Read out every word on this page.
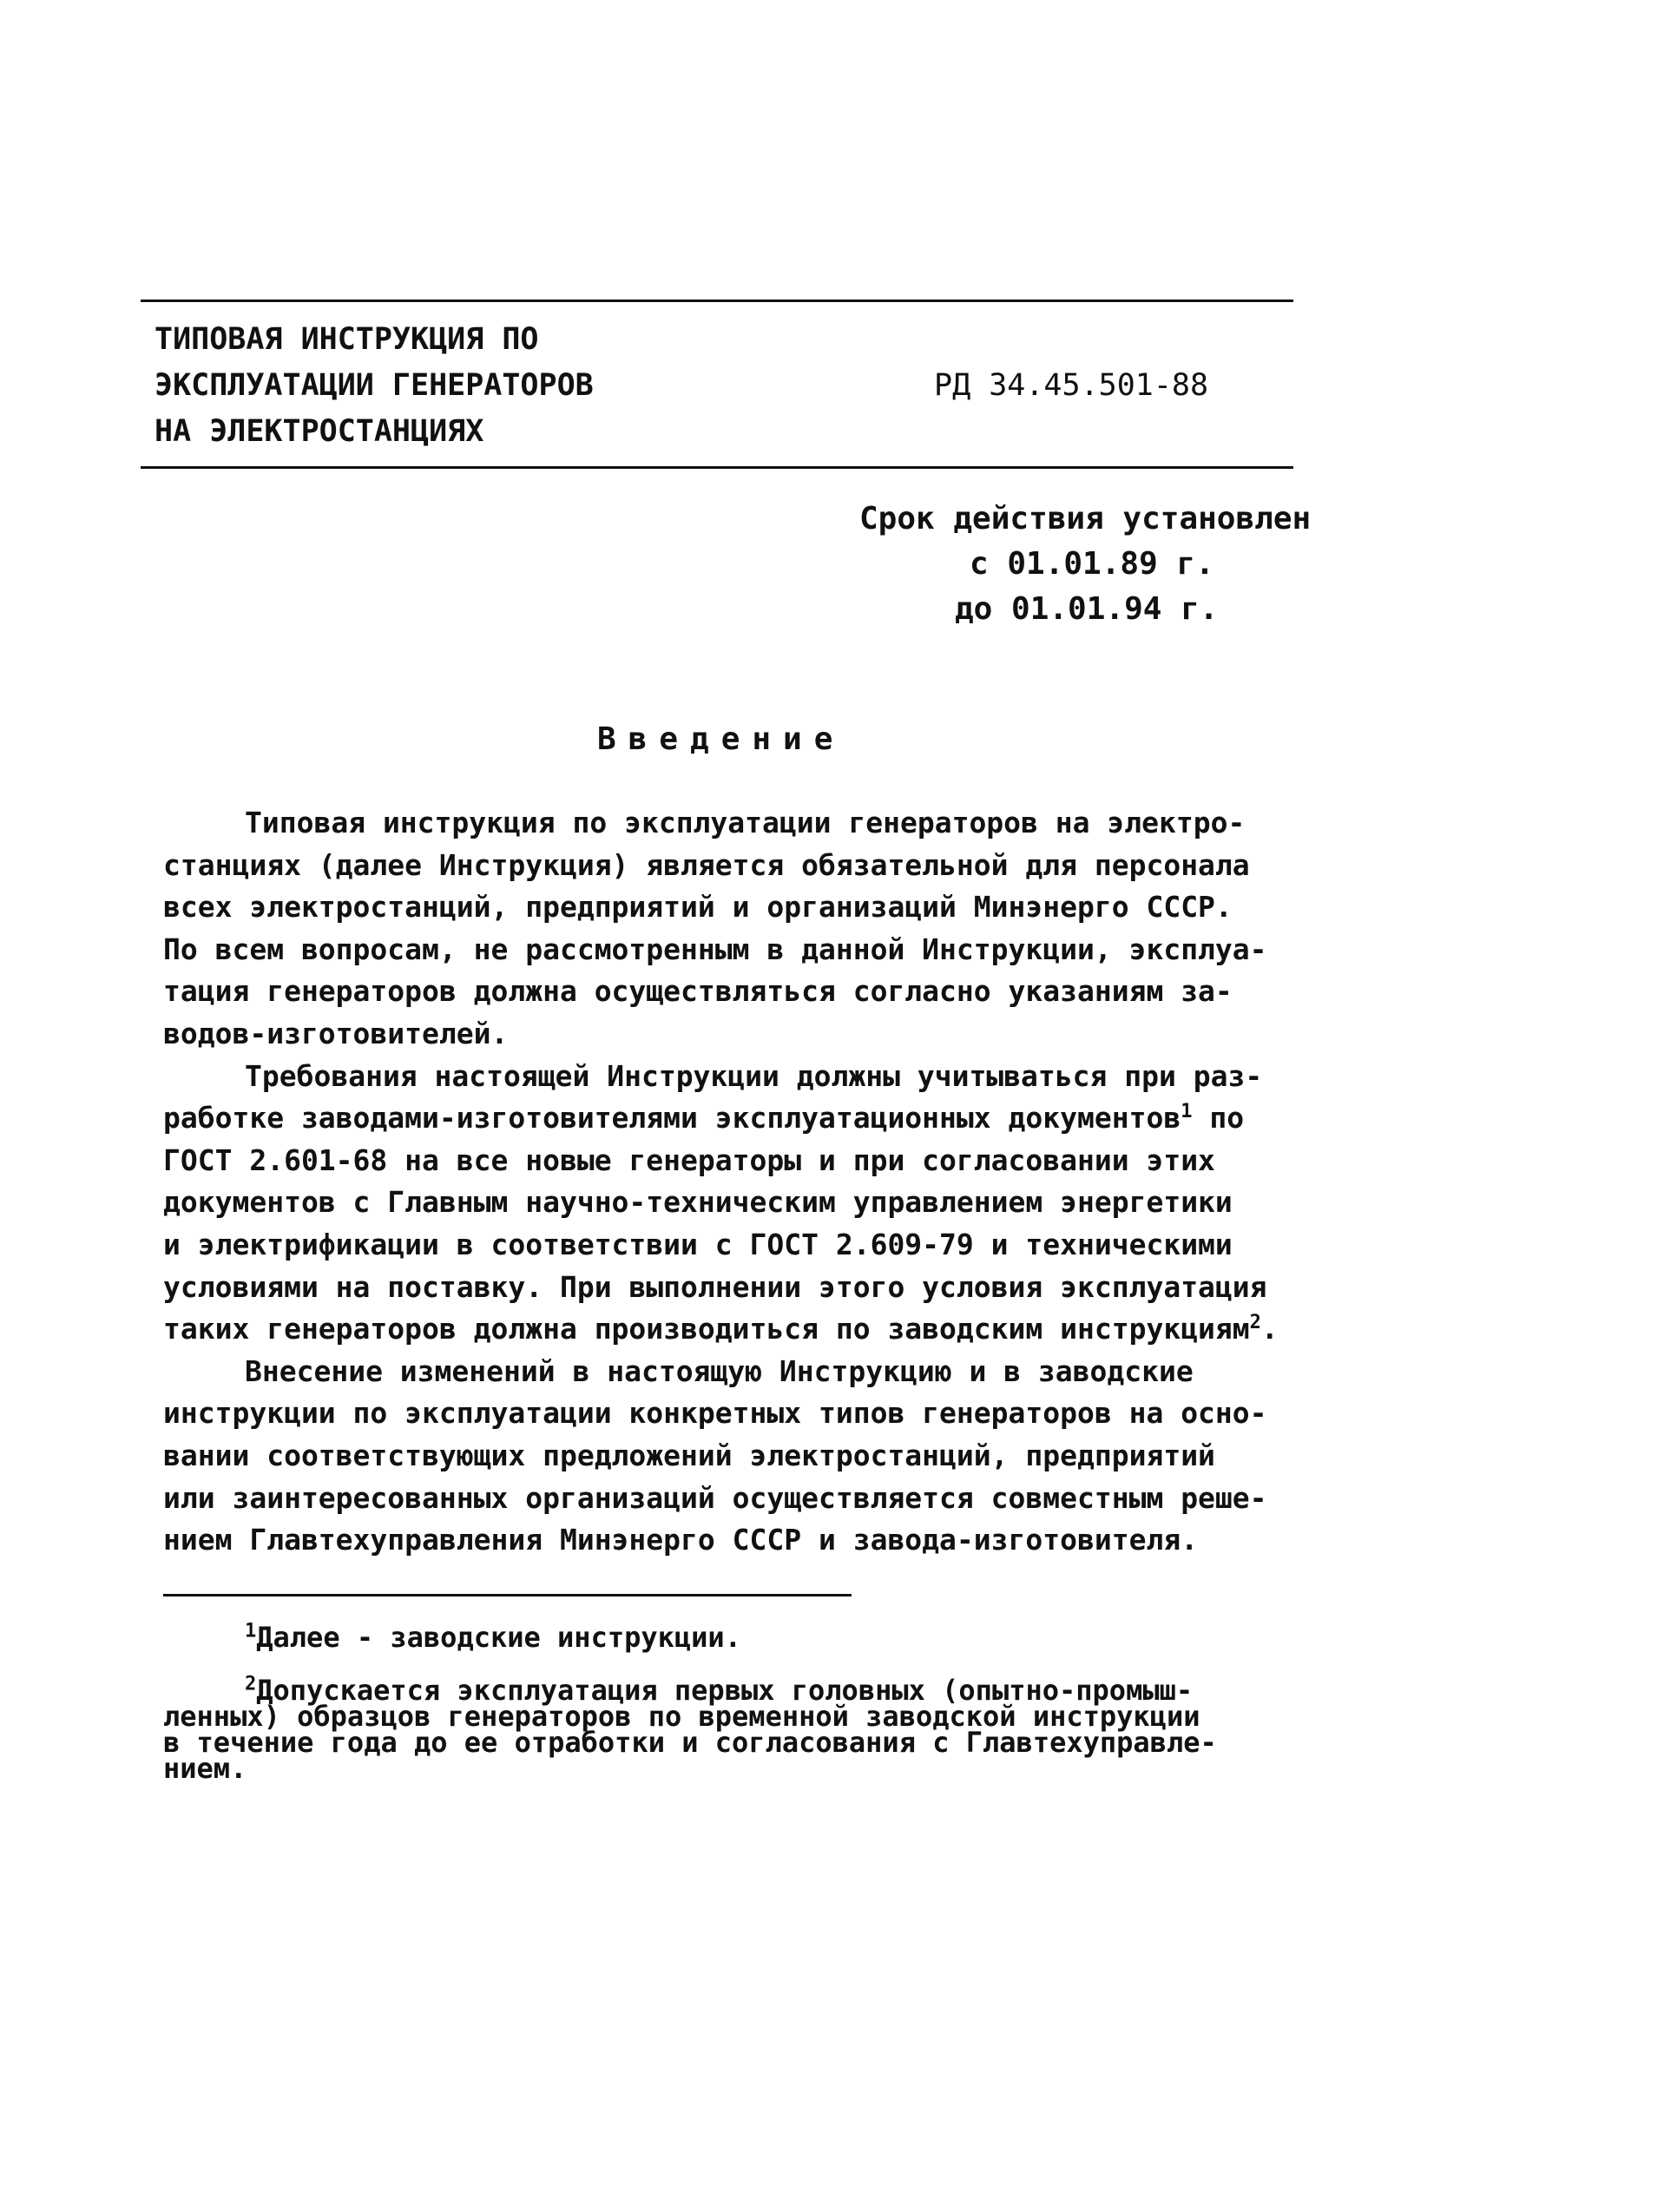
ТИПОВАЯ ИНСТРУКЦИЯ ПО
ЭКСПЛУАТАЦИИ ГЕНЕРАТОРОВ
НА ЭЛЕКТРОСТАНЦИЯХ
РД 34.45.501-88
Срок действия установлен
с 01.01.89 г.
до 01.01.94 г.
Введение
Типовая инструкция по эксплуатации генераторов на электро-
станциях (далее Инструкция) является обязательной для персонала
всех электростанций, предприятий и организаций Минэнерго СССР.
По всем вопросам, не рассмотренным в данной Инструкции, эксплуа-
тация генераторов должна осуществляться согласно указаниям за-
водов-изготовителей.
Требования настоящей Инструкции должны учитываться при раз-
работке заводами-изготовителями эксплуатационных документов$^1$ по
ГОСТ 2.601-68 на все новые генераторы и при согласовании этих
документов с Главным научно-техническим управлением энергетики
и электрификации в соответствии с ГОСТ 2.609-79 и техническими
условиями на поставку. При выполнении этого условия эксплуатация
таких генераторов должна производиться по заводским инструкциям$^2$.
Внесение изменений в настоящую Инструкцию и в заводские
инструкции по эксплуатации конкретных типов генераторов на осно-
вании соответствующих предложений электростанций, предприятий
или заинтересованных организаций осуществляется совместным реше-
нием Главтехуправления Минэнерго СССР и завода-изготовителя.
$^1$Далее - заводские инструкции.
$^2$Допускается эксплуатация первых головных (опытно-промыш-
ленных) образцов генераторов по временной заводской инструкции
в течение года до ее отработки и согласования с Главтехуправле-
нием.
